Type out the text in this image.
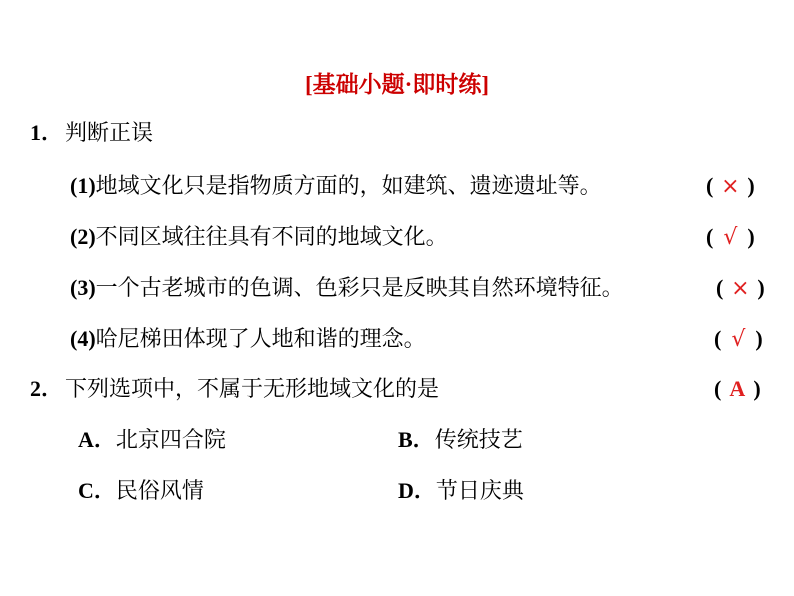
[基础小题·即时练]
1．判断正误
(1)地域文化只是指物质方面的，如建筑、遗迹遗址等。	( × )
(2)不同区域往往具有不同的地域文化。	( √ )
(3)一个古老城市的色调、色彩只是反映其自然环境特征。	( × )
(4)哈尼梯田体现了人地和谐的理念。	( √ )
2．下列选项中，不属于无形地域文化的是	( A )
A．北京四合院	B．传统技艺
C．民俗风情	D．节日庆典
